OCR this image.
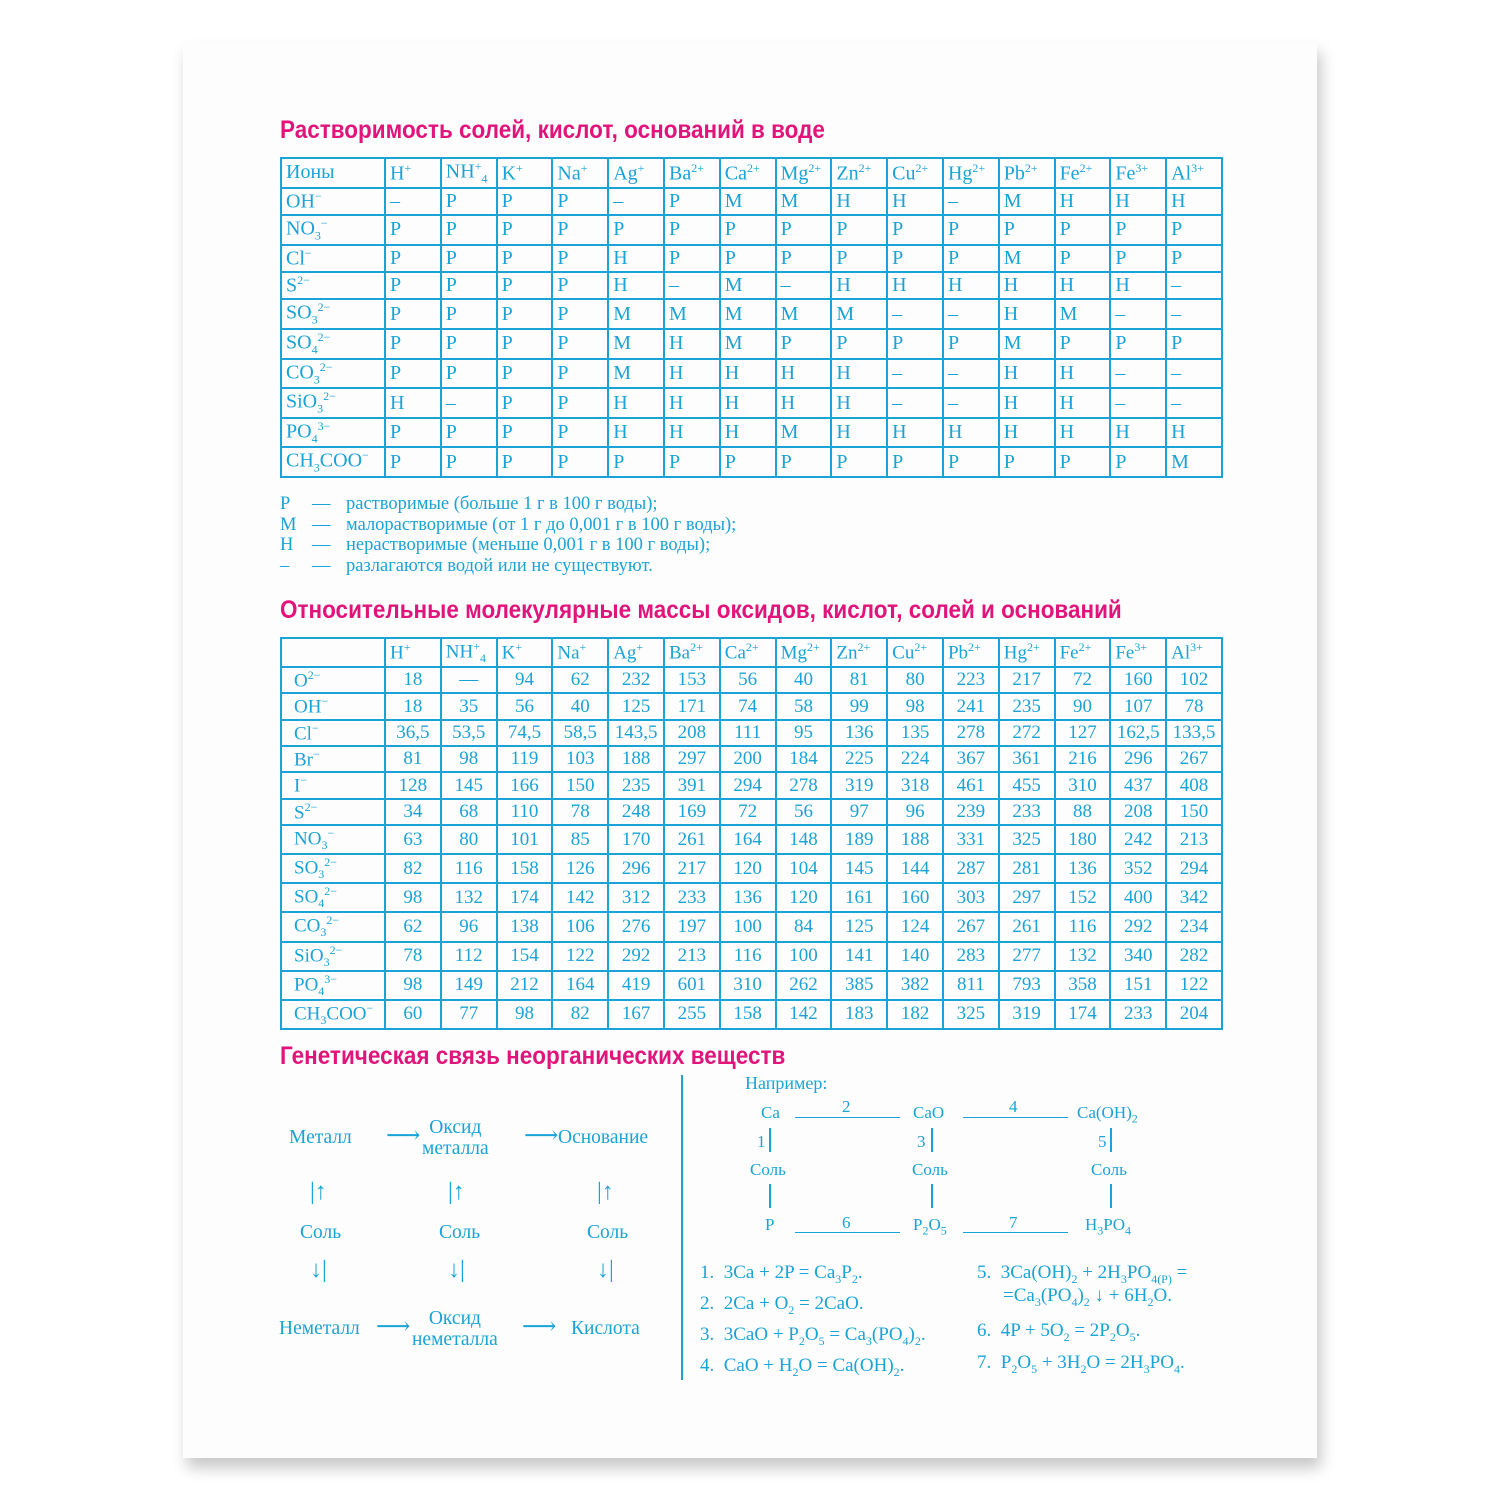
Растворимость солей, кислот, оснований в воде
Ионы	H+	$NH^+_4$	K+	Na+	Ag+	$Ba^{2+}$	$Ca^{2+}$	$Mg^{2+}$	$Zn^{2+}$	$Cu^{2+}$	$Hg^{2+}$	$Pb^{2+}$	$Fe^{2+}$	$Fe^{3+}$	$Al^{3+}$
OH−	–	Р	Р	Р	–	Р	М	М	Н	Н	–	М	Н	Н	Н
$NO_3^-$	Р	Р	Р	Р	Р	Р	Р	Р	Р	Р	Р	Р	Р	Р	Р
Cl−	Р	Р	Р	Р	Н	Р	Р	Р	Р	Р	Р	М	Р	Р	Р
$S^{2-}$	Р	Р	Р	Р	Н	–	М	–	Н	Н	Н	Н	Н	Н	–
$SO_3^{2-}$	Р	Р	Р	Р	М	М	М	М	М	–	–	Н	М	–	–
$SO_4^{2-}$	Р	Р	Р	Р	М	Н	М	Р	Р	Р	Р	М	Р	Р	Р
$CO_3^{2-}$	Р	Р	Р	Р	М	Н	Н	Н	Н	–	–	Н	Н	–	–
SiO$_3^{2-}$	Н	–	Р	Р	Н	Н	Н	Н	Н	–	–	Н	Н	–	–
$PO_4^{3-}$	Р	Р	Р	Р	Н	Н	Н	М	Н	Н	Н	Н	Н	Н	Н
$CH_3COO^-$	Р	Р	Р	Р	Р	Р	Р	Р	Р	Р	Р	Р	Р	Р	М
Р — растворимые (больше 1 г в 100 г воды);
М — малорастворимые (от 1 г до 0,001 г в 100 г воды);
Н — нерастворимые (меньше 0,001 г в 100 г воды);
– — разлагаются водой или не существуют.
Относительные молекулярные массы оксидов, кислот, солей и оснований
	H+	$NH^+_4$	K+	Na+	Ag+	$Ba^{2+}$	$Ca^{2+}$	$Mg^{2+}$	$Zn^{2+}$	$Cu^{2+}$	$Pb^{2+}$	$Hg^{2+}$	$Fe^{2+}$	$Fe^{3+}$	$Al^{3+}$
$O^{2-}$	18	—	94	62	232	153	56	40	81	80	223	217	72	160	102
OH−	18	35	56	40	125	171	74	58	99	98	241	235	90	107	78
Cl−	36,5	53,5	74,5	58,5	143,5	208	111	95	136	135	278	272	127	162,5	133,5
Br−	81	98	119	103	188	297	200	184	225	224	367	361	216	296	267
I−	128	145	166	150	235	391	294	278	319	318	461	455	310	437	408
$S^{2-}$	34	68	110	78	248	169	72	56	97	96	239	233	88	208	150
$NO_3^-$	63	80	101	85	170	261	164	148	189	188	331	325	180	242	213
$SO_3^{2-}$	82	116	158	126	296	217	120	104	145	144	287	281	136	352	294
$SO_4^{2-}$	98	132	174	142	312	233	136	120	161	160	303	297	152	400	342
$CO_3^{2-}$	62	96	138	106	276	197	100	84	125	124	267	261	116	292	234
SiO$_3^{2-}$	78	112	154	122	292	213	116	100	141	140	283	277	132	340	282
$PO_4^{3-}$	98	149	212	164	419	601	310	262	385	382	811	793	358	151	122
$CH_3COO^-$	60	77	98	82	167	255	158	142	183	182	325	319	174	233	204
Генетическая связь неорганических веществ
Металл ⟶ Оксид
металла ⟶ Основание
|↑	|↑	|↑
Соль	Соль	Соль
↓|	↓|	↓|
Неметалл ⟶ Оксид
неметалла ⟶ Кислота
Например:
Ca	2	CaO	4	$Ca(OH)_2$
1	3	5
Соль	Соль	Соль
P	6	$P_2O_5$	7	$H_3PO_4$
1.  $3Ca + 2P = Ca_3P_2$.
2.  $2Ca + O_2 = 2CaO$.
3.  $3CaO + P_2O_5 = Ca_3(PO_4)_2$.
4.  CaO + $H_2O = Ca(OH)_2$.
5.  $3Ca(OH)_2 + 2H_3PO_{4(Р)}$ =
$=Ca_3(PO_4)_2$ ↓ + $6H_2O$.
6.  $4P + 5O_2 = 2P_2O_5$.
7.  $P_2O_5 + 3H_2O = 2H_3PO_4$.
